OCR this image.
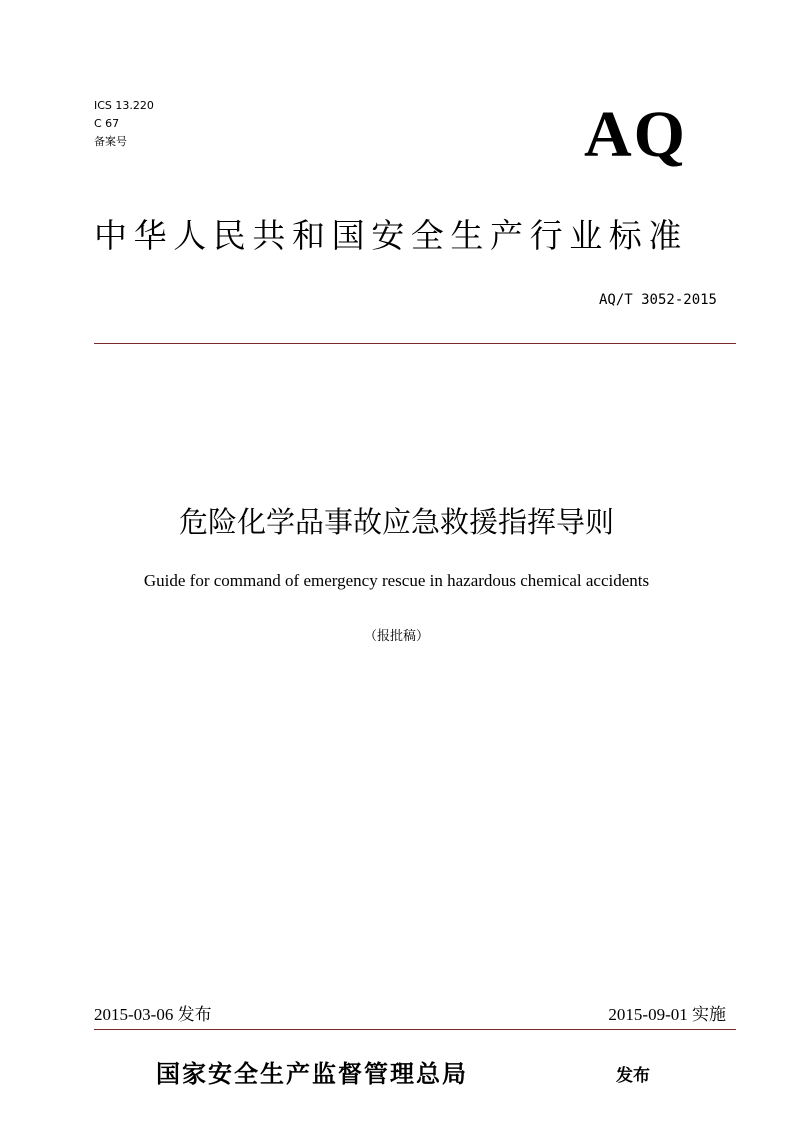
ICS 13.220
C 67
备案号	AQ
中华人民共和国安全生产行业标准
AQ/T 3052-2015
危险化学品事故应急救援指挥导则
Guide for command of emergency rescue in hazardous chemical accidents
（报批稿）
2015-03-06 发布	2015-09-01 实施
国家安全生产监督管理总局	发布
